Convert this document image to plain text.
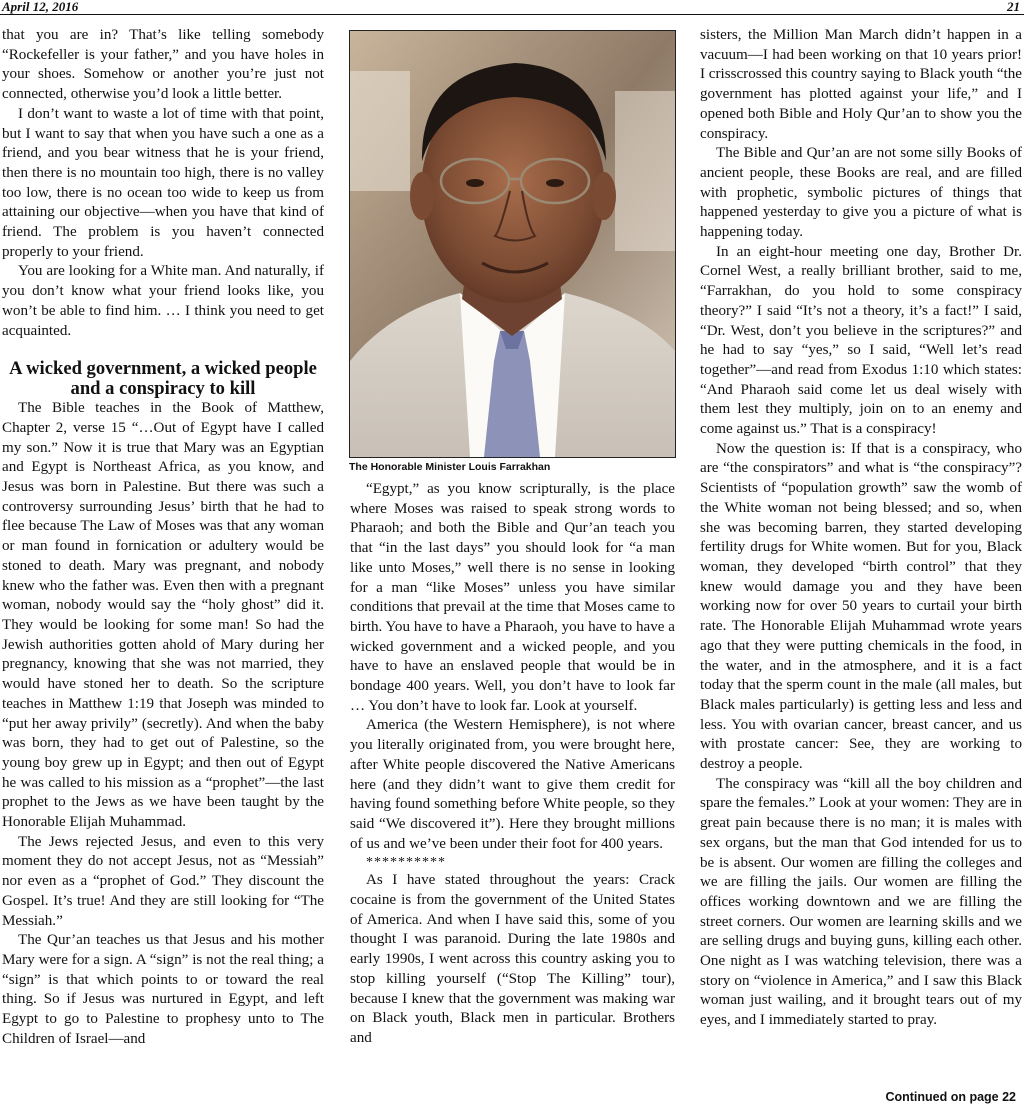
April 12, 2016	21

that you are in? That’s like telling somebody “Rockefeller is your father,” and you have holes in your shoes. Somehow or another you’re just not connected, otherwise you’d look a little better.

I don’t want to waste a lot of time with that point, but I want to say that when you have such a one as a friend, and you bear witness that he is your friend, then there is no mountain too high, there is no valley too low, there is no ocean too wide to keep us from attaining our objective—when you have that kind of friend. The problem is you haven’t connected properly to your friend.

You are looking for a White man. And naturally, if you don’t know what your friend looks like, you won’t be able to find him. … I think you need to get acquainted.

A wicked government, a wicked people and a conspiracy to kill

The Bible teaches in the Book of Matthew, Chapter 2, verse 15 “…Out of Egypt have I called my son.” Now it is true that Mary was an Egyptian and Egypt is Northeast Africa, as you know, and Jesus was born in Palestine. But there was such a controversy surrounding Jesus’ birth that he had to flee because The Law of Moses was that any woman or man found in fornication or adultery would be stoned to death. Mary was pregnant, and nobody knew who the father was. Even then with a pregnant woman, nobody would say the “holy ghost” did it. They would be looking for some man! So had the Jewish authorities gotten ahold of Mary during her pregnancy, knowing that she was not married, they would have stoned her to death. So the scripture teaches in Matthew 1:19 that Joseph was minded to “put her away privily” (secretly). And when the baby was born, they had to get out of Palestine, so the young boy grew up in Egypt; and then out of Egypt he was called to his mission as a “prophet”—the last prophet to the Jews as we have been taught by the Honorable Elijah Muhammad.

The Jews rejected Jesus, and even to this very moment they do not accept Jesus, not as “Messiah” nor even as a “prophet of God.” They discount the Gospel. It’s true! And they are still looking for “The Messiah.”

The Qur’an teaches us that Jesus and his mother Mary were for a sign. A “sign” is not the real thing; a “sign” is that which points to or toward the real thing. So if Jesus was nurtured in Egypt, and left Egypt to go to Palestine to prophesy unto to The Children of Israel—and

The Honorable Minister Louis Farrakhan

“Egypt,” as you know scripturally, is the place where Moses was raised to speak strong words to Pharaoh; and both the Bible and Qur’an teach you that “in the last days” you should look for “a man like unto Moses,” well there is no sense in looking for a man “like Moses” unless you have similar conditions that prevail at the time that Moses came to birth. You have to have a Pharaoh, you have to have a wicked government and a wicked people, and you have to have an enslaved people that would be in bondage 400 years. Well, you don’t have to look far … You don’t have to look far. Look at yourself.

America (the Western Hemisphere), is not where you literally originated from, you were brought here, after White people discovered the Native Americans here (and they didn’t want to give them credit for having found something before White people, so they said “We discovered it”). Here they brought millions of us and we’ve been under their foot for 400 years.

**********

As I have stated throughout the years: Crack cocaine is from the government of the United States of America. And when I have said this, some of you thought I was paranoid. During the late 1980s and early 1990s, I went across this country asking you to stop killing yourself (“Stop The Killing” tour), because I knew that the government was making war on Black youth, Black men in particular. Brothers and

sisters, the Million Man March didn’t happen in a vacuum—I had been working on that 10 years prior! I crisscrossed this country saying to Black youth “the government has plotted against your life,” and I opened both Bible and Holy Qur’an to show you the conspiracy.

The Bible and Qur’an are not some silly Books of ancient people, these Books are real, and are filled with prophetic, symbolic pictures of things that happened yesterday to give you a picture of what is happening today.

In an eight-hour meeting one day, Brother Dr. Cornel West, a really brilliant brother, said to me, “Farrakhan, do you hold to some conspiracy theory?” I said “It’s not a theory, it’s a fact!” I said, “Dr. West, don’t you believe in the scriptures?” and he had to say “yes,” so I said, “Well let’s read together”—and read from Exodus 1:10 which states: “And Pharaoh said come let us deal wisely with them lest they multiply, join on to an enemy and come against us.” That is a conspiracy!

Now the question is: If that is a conspiracy, who are “the conspirators” and what is “the conspiracy”? Scientists of “population growth” saw the womb of the White woman not being blessed; and so, when she was becoming barren, they started developing fertility drugs for White women. But for you, Black woman, they developed “birth control” that they knew would damage you and they have been working now for over 50 years to curtail your birth rate. The Honorable Elijah Muhammad wrote years ago that they were putting chemicals in the food, in the water, and in the atmosphere, and it is a fact today that the sperm count in the male (all males, but Black males particularly) is getting less and less and less. You with ovarian cancer, breast cancer, and us with prostate cancer: See, they are working to destroy a people.

The conspiracy was “kill all the boy children and spare the females.” Look at your women: They are in great pain because there is no man; it is males with sex organs, but the man that God intended for us to be is absent. Our women are filling the colleges and we are filling the jails. Our women are filling the offices working downtown and we are filling the street corners. Our women are learning skills and we are selling drugs and buying guns, killing each other. One night as I was watching television, there was a story on “violence in America,” and I saw this Black woman just wailing, and it brought tears out of my eyes, and I immediately started to pray.

Continued on page 22
